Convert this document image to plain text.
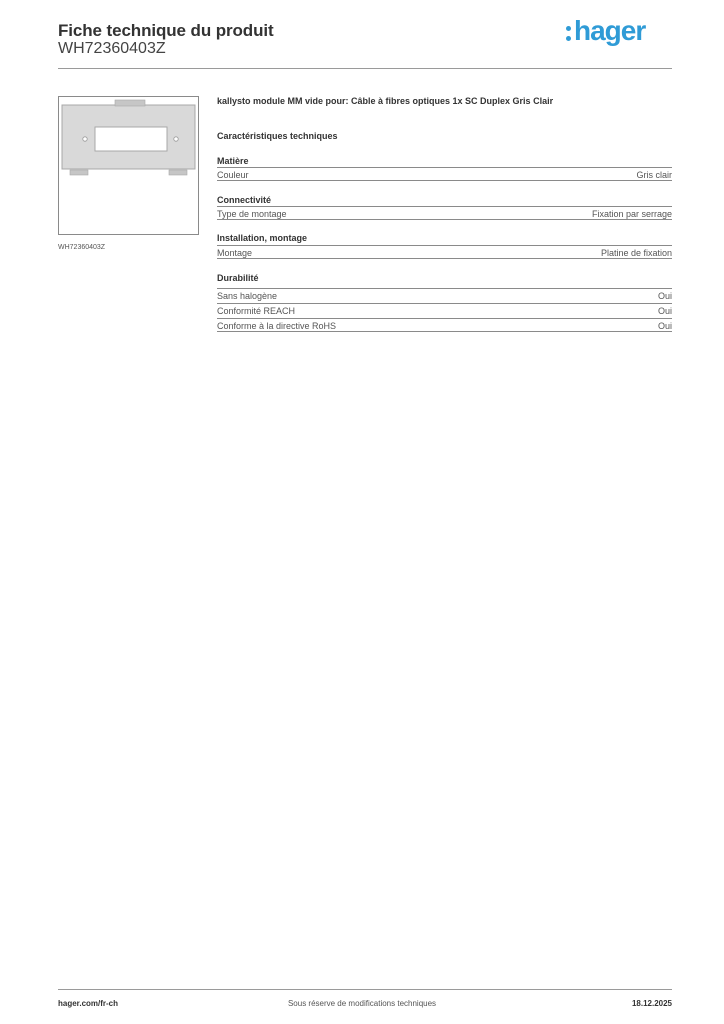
Fiche technique du produit
WH72360403Z
hager
WH72360403Z
kallysto module MM vide pour: Câble à fibres optiques 1x SC Duplex Gris Clair
Caractéristiques techniques
Matière
Couleur	Gris clair
Connectivité
Type de montage	Fixation par serrage
Installation, montage
Montage	Platine de fixation
Durabilité
Sans halogène	Oui
Conformité REACH	Oui
Conforme à la directive RoHS	Oui
hager.com/fr-ch	Sous réserve de modifications techniques	18.12.2025
